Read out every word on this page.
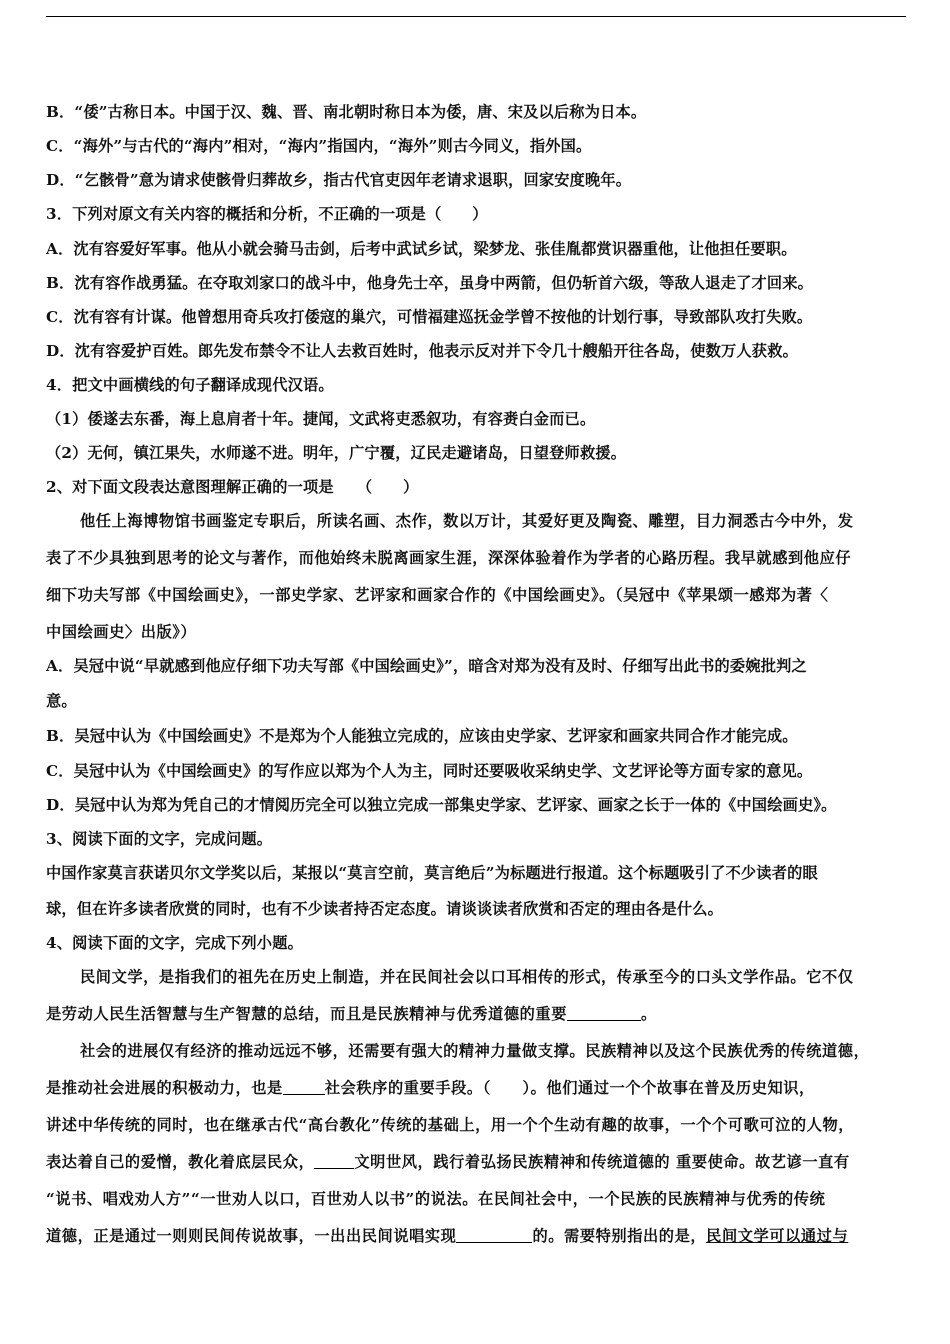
B．“倭”古称日本。中国于汉、魏、晋、南北朝时称日本为倭，唐、宋及以后称为日本。
C．“海外”与古代的“海内”相对，“海内”指国内，“海外”则古今同义，指外国。
D．“乞骸骨”意为请求使骸骨归葬故乡，指古代官吏因年老请求退职，回家安度晚年。
3．下列对原文有关内容的概括和分析，不正确的一项是（　　）
A．沈有容爱好军事。他从小就会骑马击剑，后考中武试乡试，梁梦龙、张佳胤都赏识器重他，让他担任要职。
B．沈有容作战勇猛。在夺取刘家口的战斗中，他身先士卒，虽身中两箭，但仍斩首六级，等敌人退走了才回来。
C．沈有容有计谋。他曾想用奇兵攻打倭寇的巢穴，可惜福建巡抚金学曾不按他的计划行事，导致部队攻打失败。
D．沈有容爱护百姓。郎先发布禁令不让人去救百姓时，他表示反对并下令几十艘船开往各岛，使数万人获救。
4．把文中画横线的句子翻译成现代汉语。
（1）倭遂去东番，海上息肩者十年。捷闻，文武将吏悉叙功，有容赉白金而已。
（2）无何，镇江果失，水师遂不进。明年，广宁覆，辽民走避诸岛，日望登师救援。
2、对下面文段表达意图理解正确的一项是　　（　　）
他任上海博物馆书画鉴定专职后，所读名画、杰作，数以万计，其爱好更及陶瓷、雕塑，目力洞悉古今中外，发
表了不少具独到思考的论文与著作，而他始终未脱离画家生涯，深深体验着作为学者的心路历程。我早就感到他应仔
细下功夫写部《中国绘画史》，一部史学家、艺评家和画家合作的《中国绘画史》。（吴冠中《苹果颂一感郑为著〈
中国绘画史〉出版》）
A．吴冠中说“早就感到他应仔细下功夫写部《中国绘画史》”，暗含对郑为没有及时、仔细写出此书的委婉批判之
意。
B．吴冠中认为《中国绘画史》不是郑为个人能独立完成的，应该由史学家、艺评家和画家共同合作才能完成。
C．吴冠中认为《中国绘画史》的写作应以郑为个人为主，同时还要吸收采纳史学、文艺评论等方面专家的意见。
D．吴冠中认为郑为凭自己的才情阅历完全可以独立完成一部集史学家、艺评家、画家之长于一体的《中国绘画史》。
3、阅读下面的文字，完成问题。
中国作家莫言获诺贝尔文学奖以后，某报以“莫言空前，莫言绝后”为标题进行报道。这个标题吸引了不少读者的眼
球，但在许多读者欣赏的同时，也有不少读者持否定态度。请谈谈读者欣赏和否定的理由各是什么。
4、阅读下面的文字，完成下列小题。
民间文学，是指我们的祖先在历史上制造，并在民间社会以口耳相传的形式，传承至今的口头文学作品。它不仅
是劳动人民生活智慧与生产智慧的总结，而且是民族精神与优秀道德的重要	。
社会的进展仅有经济的推动远远不够，还需要有强大的精神力量做支撑。民族精神以及这个民族优秀的传统道德，
是推动社会进展的积极动力，也是	社会秩序的重要手段。（　　）。他们通过一个个故事在普及历史知识，
讲述中华传统的同时，也在继承古代“高台教化”传统的基础上，用一个个生动有趣的故事，一个个可歌可泣的人物，
表达着自己的爱憎，教化着底层民众，	文明世风，践行着弘扬民族精神和传统道德的 重要使命。故艺谚一直有
“说书、唱戏劝人方”“一世劝人以口，百世劝人以书”的说法。在民间社会中，一个民族的民族精神与优秀的传统
道德，正是通过一则则民间传说故事，一出出民间说唱实现	的。需要特别指出的是，民间文学可以通过与
